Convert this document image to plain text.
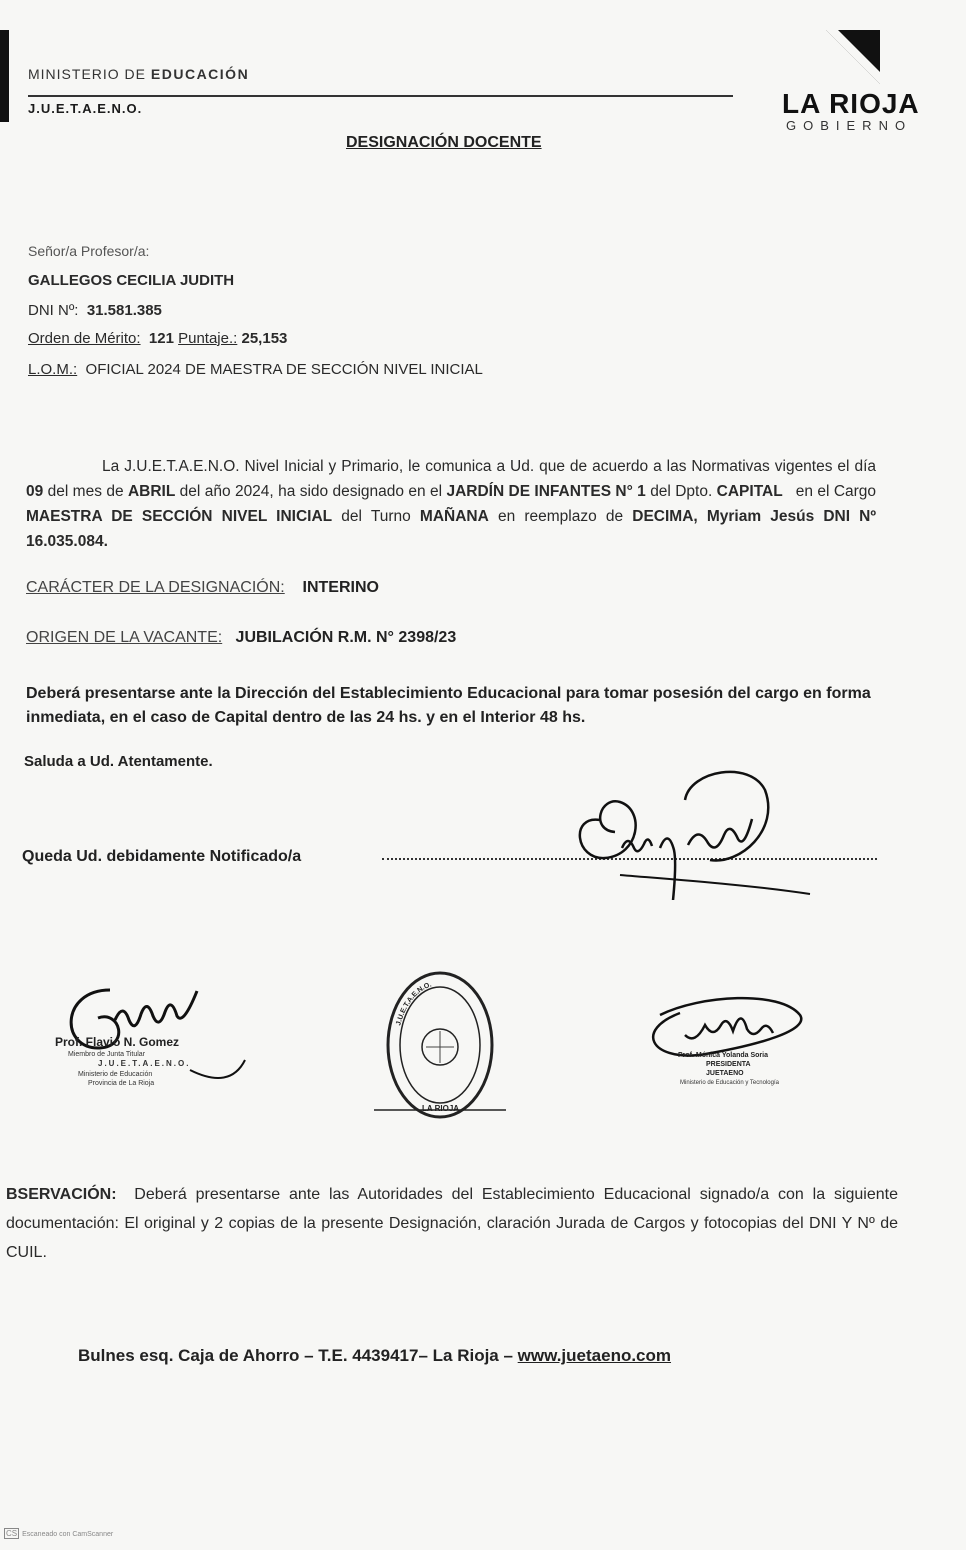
MINISTERIO DE EDUCACIÓN
J.U.E.T.A.E.N.O.	LA RIOJA
GOBIERNO
DESIGNACIÓN DOCENTE
Señor/a Profesor/a:
GALLEGOS CECILIA JUDITH
DNI Nº: 31.581.385
Orden de Mérito: 121 Puntaje.: 25,153
L.O.M.: OFICIAL 2024 DE MAESTRA DE SECCIÓN NIVEL INICIAL
La J.U.E.T.A.E.N.O. Nivel Inicial y Primario, le comunica a Ud. que de acuerdo a las Normativas vigentes el día 09 del mes de ABRIL del año 2024, ha sido designado en el JARDÍN DE INFANTES N° 1 del Dpto. CAPITAL en el Cargo MAESTRA DE SECCIÓN NIVEL INICIAL del Turno MAÑANA en reemplazo de DECIMA, Myriam Jesús DNI Nº 16.035.084.
CARÁCTER DE LA DESIGNACIÓN: INTERINO
ORIGEN DE LA VACANTE: JUBILACIÓN R.M. N° 2398/23
Deberá presentarse ante la Dirección del Establecimiento Educacional para tomar posesión del cargo en forma inmediata, en el caso de Capital dentro de las 24 hs. y en el Interior 48 hs.
Saluda a Ud. Atentamente.
Queda Ud. debidamente Notificado/a
Prof. Flavio N. Gomez
Miembro de Junta Titular
J.U.E.T.A.E.N.O.
Ministerio de Educación
Provincia de La Rioja
J.U.E.T.A.E.N.O.
LA RIOJA
Prof. Mónica Yolanda Soria
PRESIDENTA
JUETAENO
Ministerio de Educación y Tecnología
BSERVACIÓN: Deberá presentarse ante las Autoridades del Establecimiento Educacional signado/a con la siguiente documentación: El original y 2 copias de la presente Designación, claración Jurada de Cargos y fotocopias del DNI Y Nº de CUIL.
Bulnes esq. Caja de Ahorro – T.E. 4439417– La Rioja – www.juetaeno.com
CS Escaneado con CamScanner
